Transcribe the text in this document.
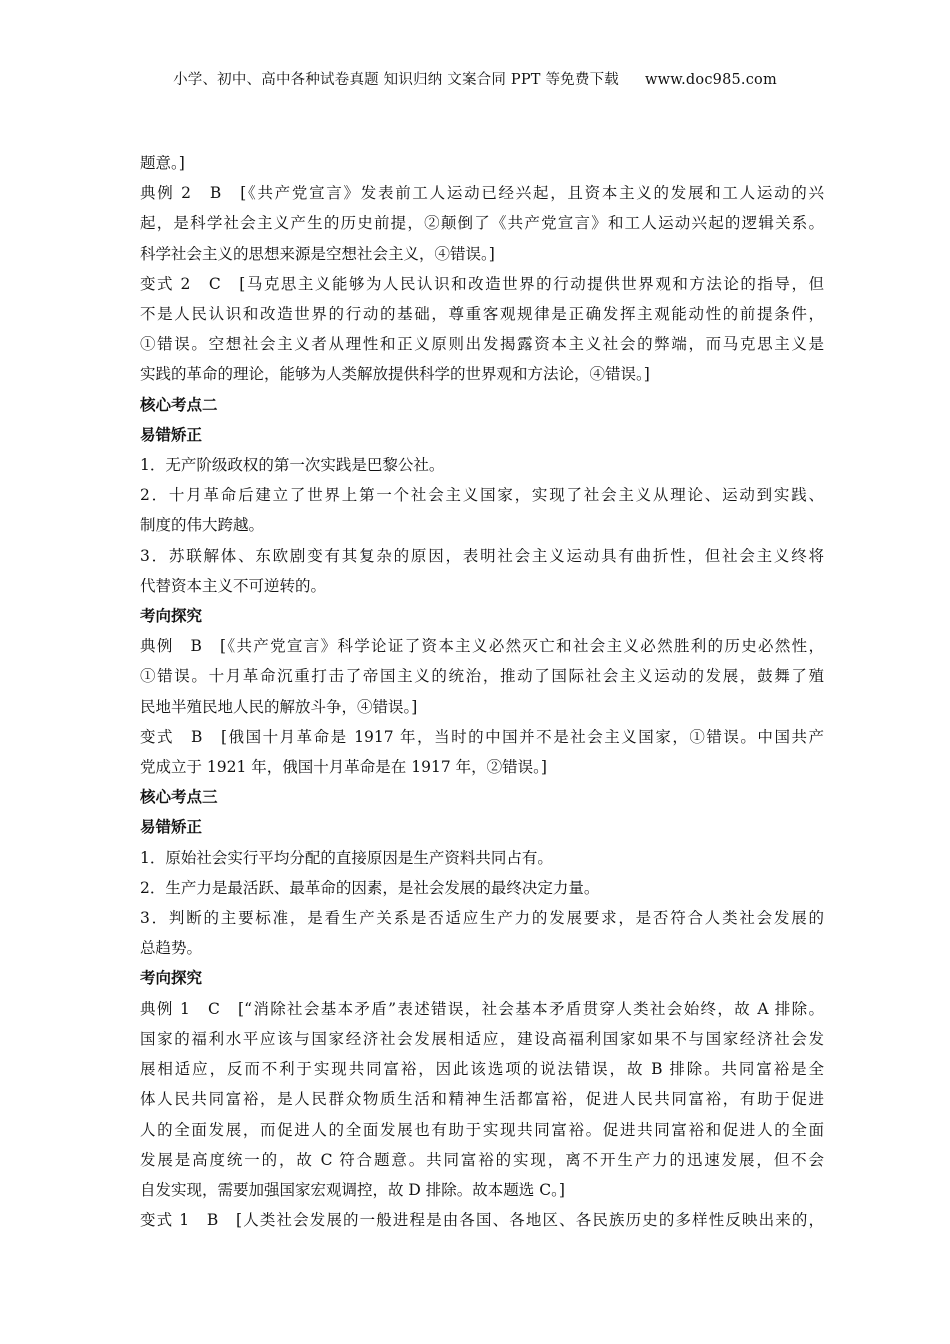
小学、初中、高中各种试卷真题 知识归纳 文案合同 PPT 等免费下载 www.doc985.com

题意。]

典例 2　B　[《共产党宣言》发表前工人运动已经兴起，且资本主义的发展和工人运动的兴

起，是科学社会主义产生的历史前提，②颠倒了《共产党宣言》和工人运动兴起的逻辑关系。

科学社会主义的思想来源是空想社会主义，④错误。]

变式 2　C　[马克思主义能够为人民认识和改造世界的行动提供世界观和方法论的指导，但

不是人民认识和改造世界的行动的基础，尊重客观规律是正确发挥主观能动性的前提条件，

①错误。空想社会主义者从理性和正义原则出发揭露资本主义社会的弊端，而马克思主义是

实践的革命的理论，能够为人类解放提供科学的世界观和方法论，④错误。]

核心考点二

易错矫正

1．无产阶级政权的第一次实践是巴黎公社。

2．十月革命后建立了世界上第一个社会主义国家，实现了社会主义从理论、运动到实践、

制度的伟大跨越。

3．苏联解体、东欧剧变有其复杂的原因，表明社会主义运动具有曲折性，但社会主义终将

代替资本主义不可逆转的。

考向探究

典例　B　[《共产党宣言》科学论证了资本主义必然灭亡和社会主义必然胜利的历史必然性，

①错误。十月革命沉重打击了帝国主义的统治，推动了国际社会主义运动的发展，鼓舞了殖

民地半殖民地人民的解放斗争，④错误。]

变式　B　[俄国十月革命是 1917 年，当时的中国并不是社会主义国家，①错误。中国共产

党成立于 1921 年，俄国十月革命是在 1917 年，②错误。]

核心考点三

易错矫正

1．原始社会实行平均分配的直接原因是生产资料共同占有。

2．生产力是最活跃、最革命的因素，是社会发展的最终决定力量。

3．判断的主要标准，是看生产关系是否适应生产力的发展要求，是否符合人类社会发展的

总趋势。

考向探究

典例 1　C　[“消除社会基本矛盾”表述错误，社会基本矛盾贯穿人类社会始终，故 A 排除。

国家的福利水平应该与国家经济社会发展相适应，建设高福利国家如果不与国家经济社会发

展相适应，反而不利于实现共同富裕，因此该选项的说法错误，故 B 排除。共同富裕是全

体人民共同富裕，是人民群众物质生活和精神生活都富裕，促进人民共同富裕，有助于促进

人的全面发展，而促进人的全面发展也有助于实现共同富裕。促进共同富裕和促进人的全面

发展是高度统一的，故 C 符合题意。共同富裕的实现，离不开生产力的迅速发展，但不会

自发实现，需要加强国家宏观调控，故 D 排除。故本题选 C。]

变式 1　B　[人类社会发展的一般进程是由各国、各地区、各民族历史的多样性反映出来的，
